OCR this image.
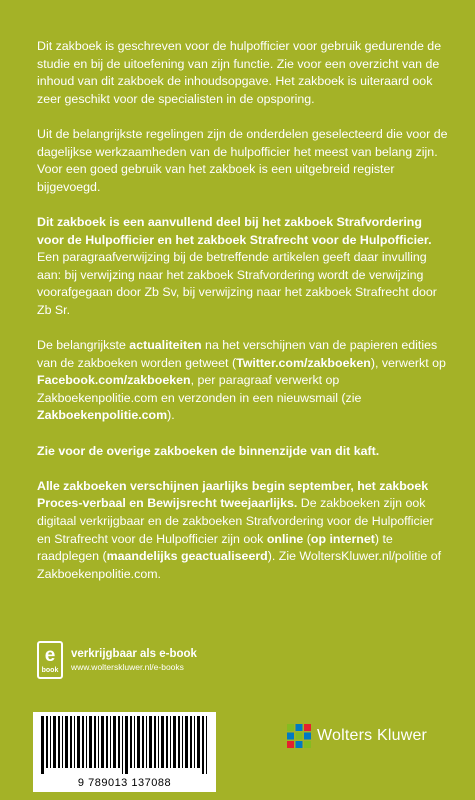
Dit zakboek is geschreven voor de hulpofficier voor gebruik gedurende de studie en bij de uitoefening van zijn functie. Zie voor een overzicht van de inhoud van dit zakboek de inhoudsopgave. Het zakboek is uiteraard ook zeer geschikt voor de specialisten in de opsporing.

Uit de belangrijkste regelingen zijn de onderdelen geselecteerd die voor de dagelijkse werkzaamheden van de hulpofficier het meest van belang zijn. Voor een goed gebruik van het zakboek is een uitgebreid register bijgevoegd.

Dit zakboek is een aanvullend deel bij het zakboek Strafvordering voor de Hulpofficier en het zakboek Strafrecht voor de Hulpofficier. Een paragraafverwijzing bij de betreffende artikelen geeft daar invulling aan: bij verwijzing naar het zakboek Strafvordering wordt de verwijzing voorafgegaan door Zb Sv, bij verwijzing naar het zakboek Strafrecht door Zb Sr.

De belangrijkste actualiteiten na het verschijnen van de papieren edities van de zakboeken worden getweet (Twitter.com/zakboeken), verwerkt op Facebook.com/zakboeken, per paragraaf verwerkt op Zakboekenpolitie.com en verzonden in een nieuwsmail (zie Zakboekenpolitie.com).

Zie voor de overige zakboeken de binnenzijde van dit kaft.

Alle zakboeken verschijnen jaarlijks begin september, het zakboek Proces-verbaal en Bewijsrecht tweejaarlijks. De zakboeken zijn ook digitaal verkrijgbaar en de zakboeken Strafvordering voor de Hulpofficier en Strafrecht voor de Hulpofficier zijn ook online (op internet) te raadplegen (maandelijks geactualiseerd). Zie WoltersKluwer.nl/politie of Zakboekenpolitie.com.

e
book
verkrijgbaar als e-book
www.wolterskluwer.nl/e-books
9 789013 137088
Wolters Kluwer
